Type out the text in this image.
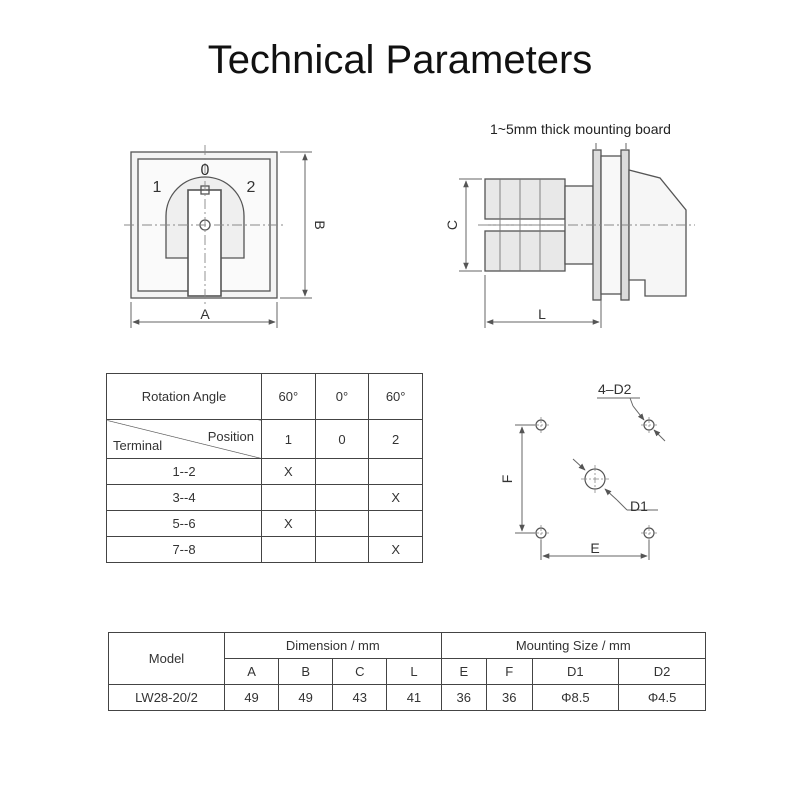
Technical Parameters
1~5mm thick mounting board
0
1	2
A
B	C
L
4–D2
D1
E
F
Rotation Angle	60°	0°	60°

Position
Terminal	1	0	2
1--2	X		
3--4			X
5--6	X		
7--8			X
Model	Dimension / mm				Mounting Size / mm			
	A	B	C	L	E	F	D1	D2
LW28-20/2	49	49	43	41	36	36	Φ8.5	Φ4.5
